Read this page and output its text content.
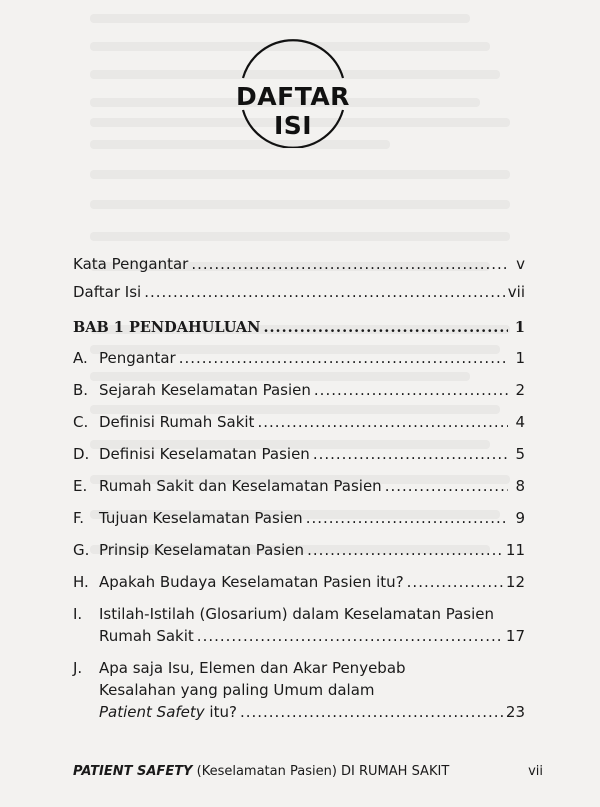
DAFTAR ISI
Kata Pengantar .....	v
Daftar Isi .....	vii
BAB 1 PENDAHULUAN .....	1
A. Pengantar .....	1
B. Sejarah Keselamatan Pasien .....	2
C. Definisi Rumah Sakit .....	4
D. Definisi Keselamatan Pasien .....	5
E. Rumah Sakit dan Keselamatan Pasien .....	8
F.	Tujuan Keselamatan Pasien .....	9
G. Prinsip Keselamatan Pasien .....	11
H. Apakah Budaya Keselamatan Pasien itu? .....	12
I. Istilah-Istilah (Glosarium) dalam Keselamatan Pasien
Rumah Sakit .....	17
J. Apa saja Isu, Elemen dan Akar Penyebab
Kesalahan yang paling Umum dalam
Patient Safety itu? .....	23
PATIENT SAFETY (Keselamatan Pasien) DI RUMAH SAKIT	vii
